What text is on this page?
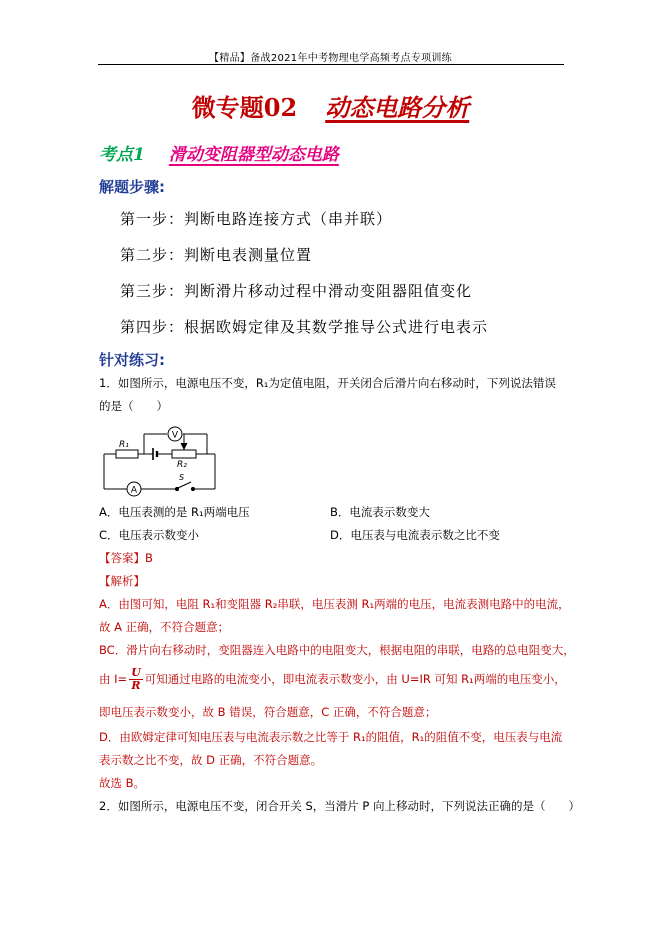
【精品】备战2021年中考物理电学高频考点专项训练
微专题02 动态电路分析
考点1 滑动变阻器型动态电路
解题步骤:
第一步：判断电路连接方式（串并联）
第二步：判断电表测量位置
第三步：判断滑片移动过程中滑动变阻器阻值变化
第四步：根据欧姆定律及其数学推导公式进行电表示
针对练习:
1．如图所示，电源电压不变，R₁为定值电阻，开关闭合后滑片向右移动时，下列说法错误
的是（　　）
R₁
R₂
V
A
S
A．电压表测的是 R₁两端电压	B．电流表示数变大
C．电压表示数变小	D．电压表与电流表示数之比不变
【答案】B
【解析】
A．由图可知，电阻 R₁和变阻器 R₂串联，电压表测 R₁两端的电压，电流表测电路中的电流，
故 A 正确，不符合题意；
BC．滑片向右移动时，变阻器连入电路中的电阻变大，根据电阻的串联，电路的总电阻变大，
由 $I= \frac{U}{R}$ 可知通过电路的电流变小，即电流表示数变小，由 U=IR 可知 R₁两端的电压变小，
即电压表示数变小，故 B 错误，符合题意，C 正确，不符合题意；
D．由欧姆定律可知电压表与电流表示数之比等于 R₁的阻值，R₁的阻值不变，电压表与电流
表示数之比不变，故 D 正确，不符合题意。
故选 B。
2．如图所示，电源电压不变，闭合开关 S，当滑片 P 向上移动时，下列说法正确的是（　　）
